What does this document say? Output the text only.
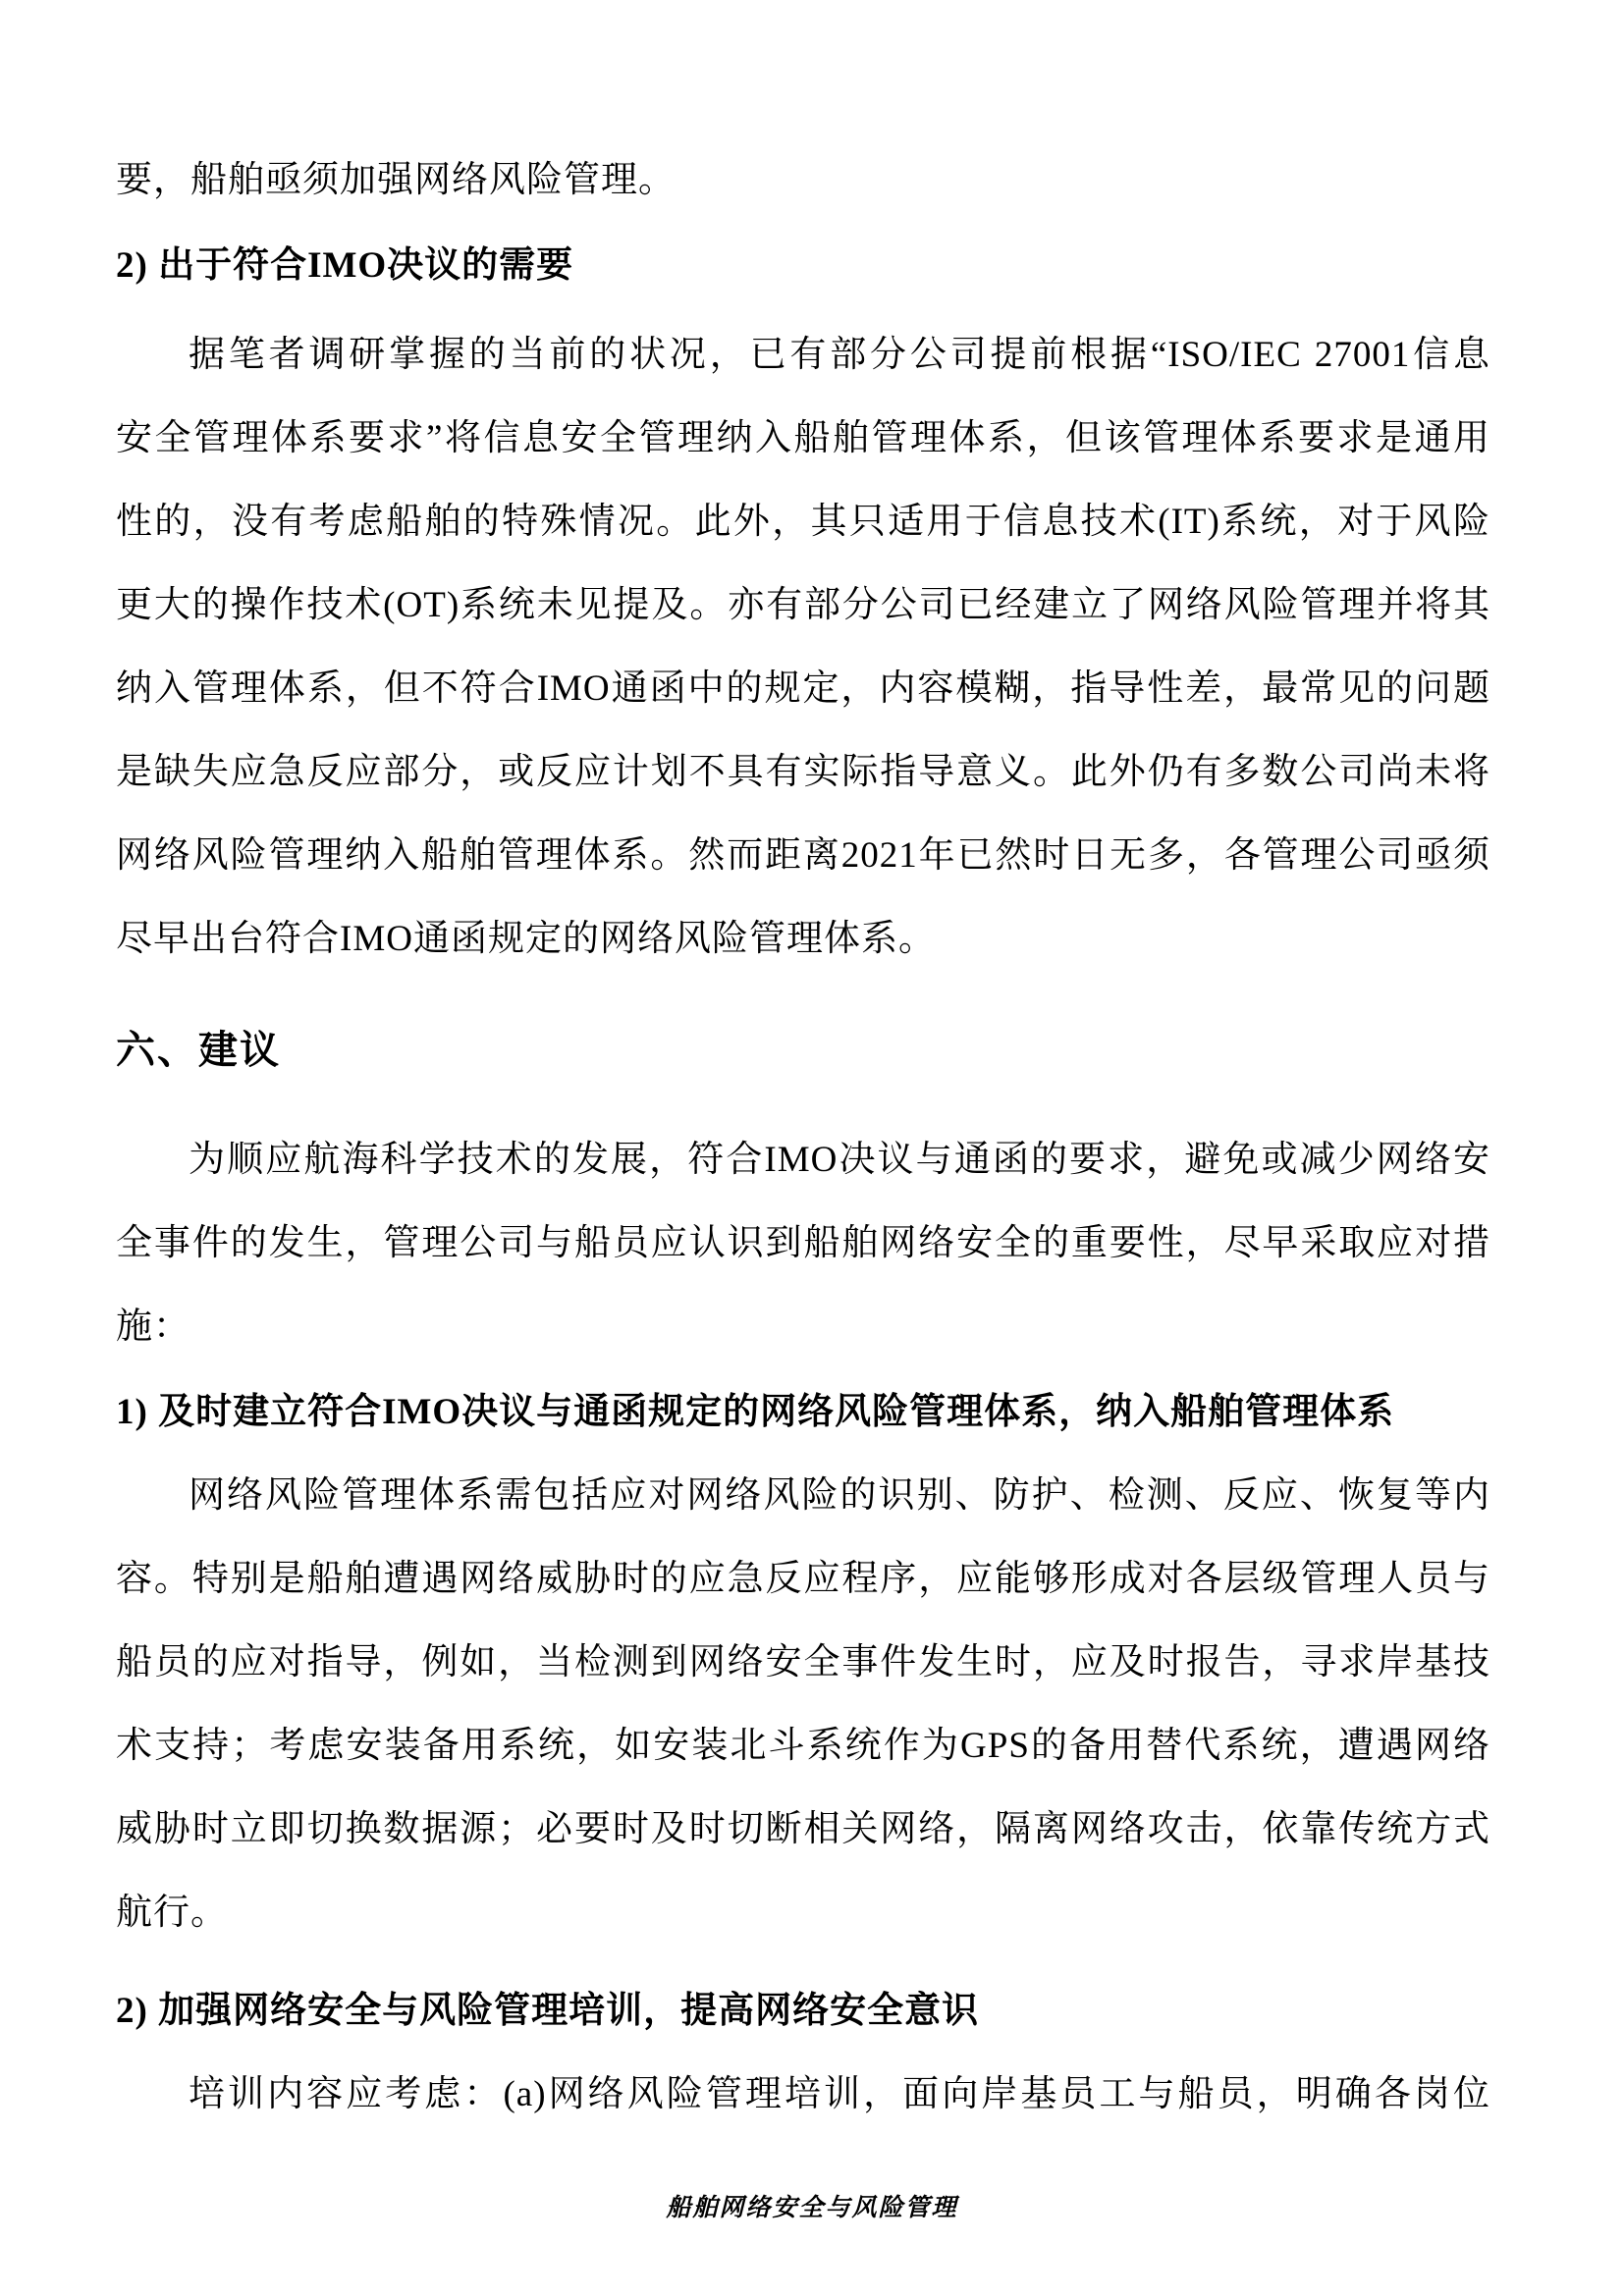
要，船舶亟须加强网络风险管理。
2) 出于符合IMO决议的需要
据笔者调研掌握的当前的状况，已有部分公司提前根据“ISO/IEC 27001信息
安全管理体系要求”将信息安全管理纳入船舶管理体系，但该管理体系要求是通用
性的，没有考虑船舶的特殊情况。此外，其只适用于信息技术(IT)系统，对于风险
更大的操作技术(OT)系统未见提及。亦有部分公司已经建立了网络风险管理并将其
纳入管理体系，但不符合IMO通函中的规定，内容模糊，指导性差，最常见的问题
是缺失应急反应部分，或反应计划不具有实际指导意义。此外仍有多数公司尚未将
网络风险管理纳入船舶管理体系。然而距离2021年已然时日无多，各管理公司亟须
尽早出台符合IMO通函规定的网络风险管理体系。
六、建议
为顺应航海科学技术的发展，符合IMO决议与通函的要求，避免或减少网络安
全事件的发生，管理公司与船员应认识到船舶网络安全的重要性，尽早采取应对措
施：
1) 及时建立符合IMO决议与通函规定的网络风险管理体系，纳入船舶管理体系
网络风险管理体系需包括应对网络风险的识别、防护、检测、反应、恢复等内
容。特别是船舶遭遇网络威胁时的应急反应程序，应能够形成对各层级管理人员与
船员的应对指导，例如，当检测到网络安全事件发生时，应及时报告，寻求岸基技
术支持；考虑安装备用系统，如安装北斗系统作为GPS的备用替代系统，遭遇网络
威胁时立即切换数据源；必要时及时切断相关网络，隔离网络攻击，依靠传统方式
航行。
2) 加强网络安全与风险管理培训，提高网络安全意识
培训内容应考虑：(a)网络风险管理培训，面向岸基员工与船员，明确各岗位
船舶网络安全与风险管理
